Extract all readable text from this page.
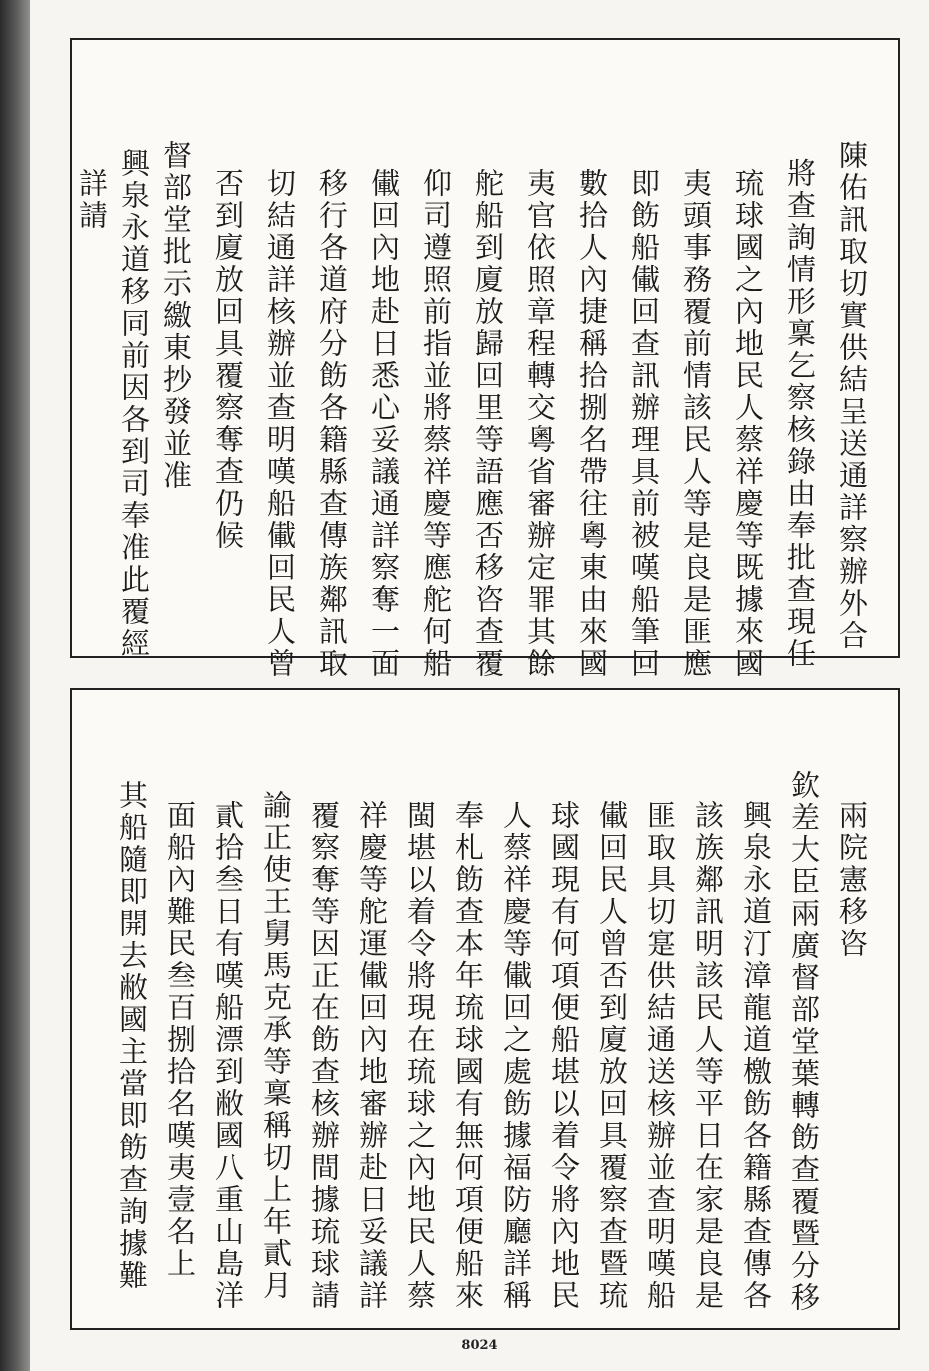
陳佑訊取切實供結呈送通詳察辦外合
將查詢情形稟乞察核錄由奉批查現任
琉球國之內地民人蔡祥慶等既據來國
夷頭事務覆前情該民人等是良是匪應
即飭船儎回查訊辦理具前被嘆船筆回
數拾人內捷稱拾捌名帶往粵東由來國
夷官依照章程轉交粵省審辦定罪其餘
舵船到廈放歸回里等語應否移咨查覆
仰司遵照前指並將蔡祥慶等應舵何船
儎回內地赴日悉心妥議通詳察奪一面
移行各道府分飭各籍縣查傳族鄰訊取
切結通詳核辦並查明嘆船儎回民人曾
否到廈放回具覆察奪查仍候
督部堂批示繳東抄發並准
興泉永道移同前因各到司奉准此覆經
詳請
兩院憲移咨
欽差大臣兩廣督部堂葉轉飭查覆暨分移
興泉永道汀漳龍道檄飭各籍縣查傳各
該族鄰訊明該民人等平日在家是良是
匪取具切寔供結通送核辦並查明嘆船
儎回民人曾否到廈放回具覆察查暨琉
球國現有何項便船堪以着令將內地民
人蔡祥慶等儎回之處飭據福防廳詳稱
奉札飭查本年琉球國有無何項便船來
閩堪以着令將現在琉球之內地民人蔡
祥慶等舵運儎回內地審辦赴日妥議詳
覆察奪等因正在飭查核辦間據琉球請
諭正使王舅馬克承等稟稱切上年貳月
貳拾叁日有嘆船漂到敝國八重山島洋
面船內難民叁百捌拾名嘆夷壹名上
其船隨即開去敝國主當即飭查詢據難
8024
